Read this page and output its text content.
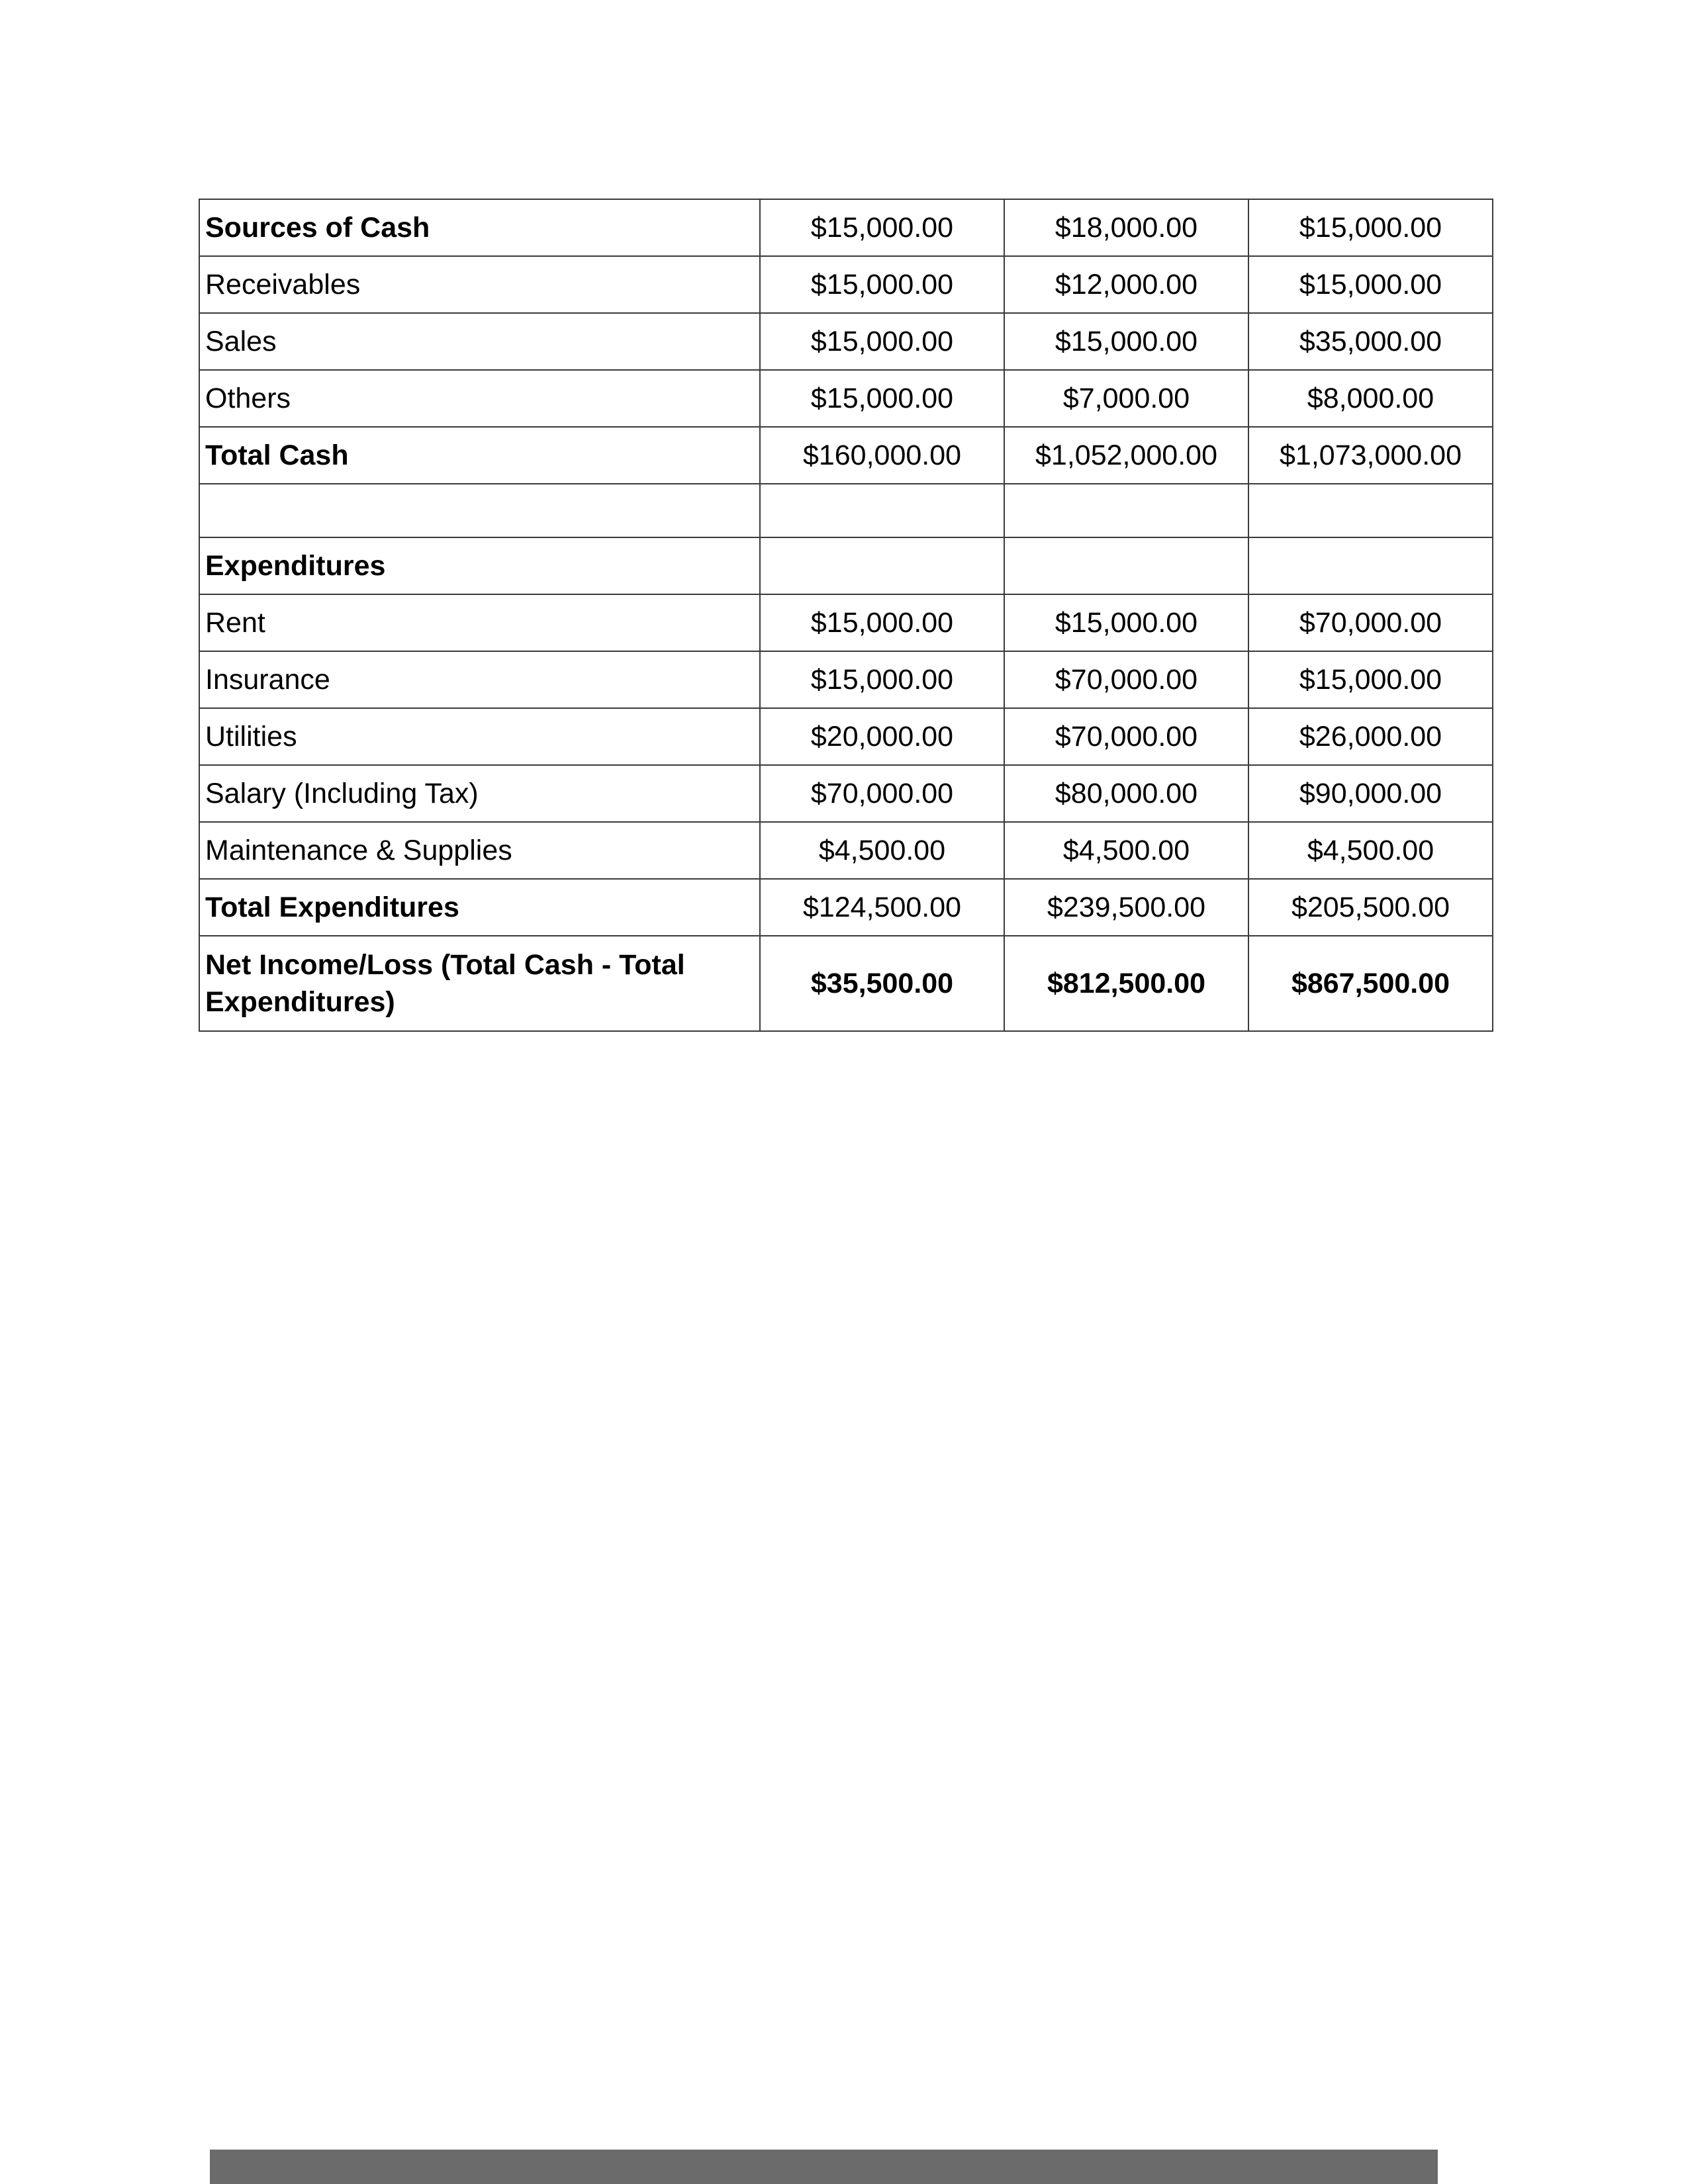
Sources of Cash	$15,000.00	$18,000.00	$15,000.00
Receivables	$15,000.00	$12,000.00	$15,000.00
Sales	$15,000.00	$15,000.00	$35,000.00
Others	$15,000.00	$7,000.00	$8,000.00
Total Cash	$160,000.00	$1,052,000.00	$1,073,000.00

Expenditures			
Rent	$15,000.00	$15,000.00	$70,000.00
Insurance	$15,000.00	$70,000.00	$15,000.00
Utilities	$20,000.00	$70,000.00	$26,000.00
Salary (Including Tax)	$70,000.00	$80,000.00	$90,000.00
Maintenance & Supplies	$4,500.00	$4,500.00	$4,500.00
Total Expenditures	$124,500.00	$239,500.00	$205,500.00
Net Income/Loss (Total Cash - Total Expenditures)	$35,500.00	$812,500.00	$867,500.00
